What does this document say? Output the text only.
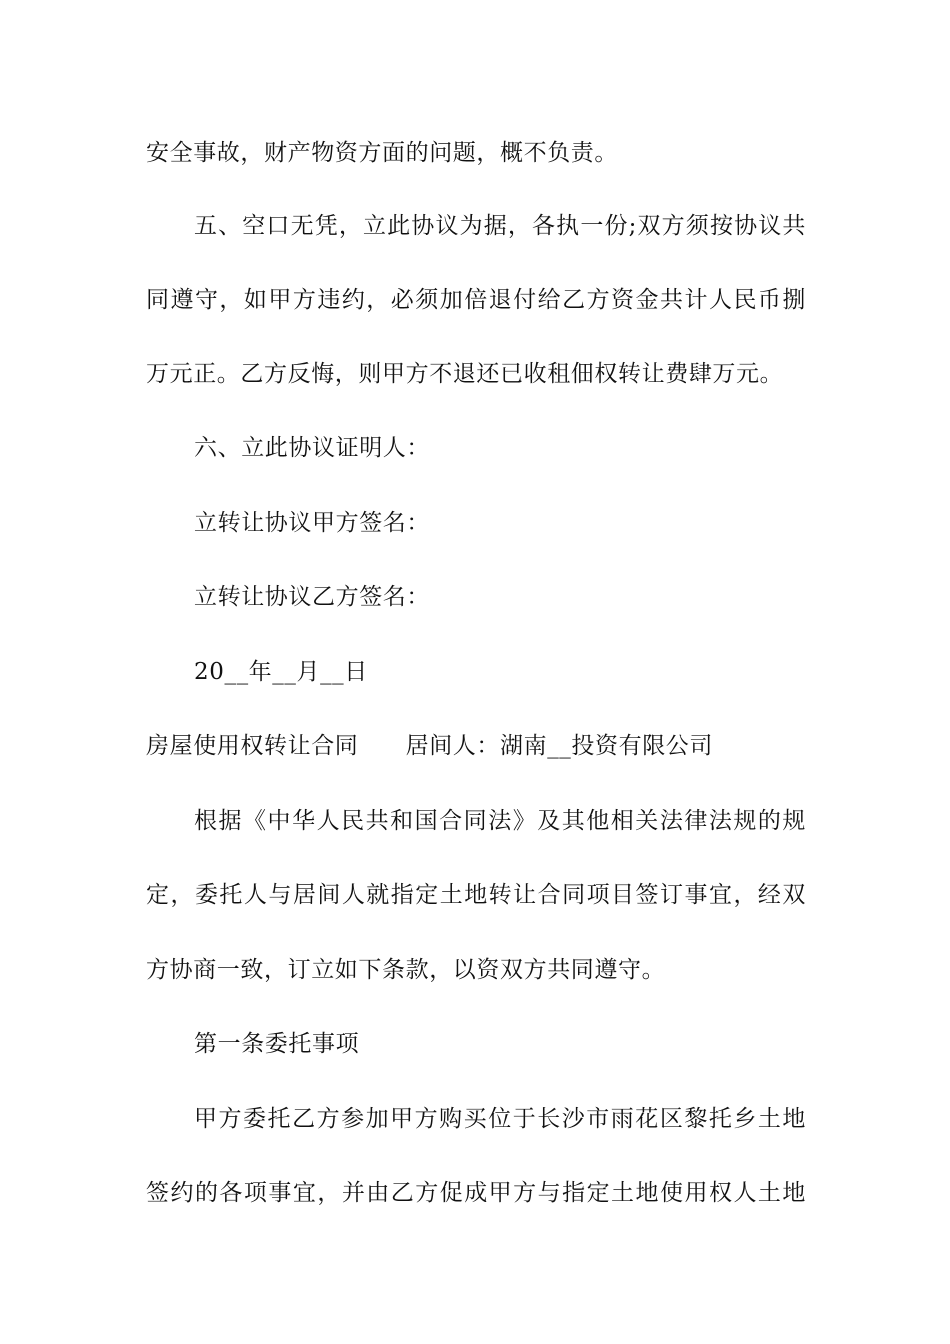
安全事故，财产物资方面的问题，概不负责。
五、空口无凭，立此协议为据，各执一份;双方须按协议共
同遵守，如甲方违约，必须加倍退付给乙方资金共计人民币捌
万元正。乙方反悔，则甲方不退还已收租佃权转让费肆万元。
六、立此协议证明人：
立转让协议甲方签名：
立转让协议乙方签名：
20__年__月__日
房屋使用权转让合同　　居间人：湖南__投资有限公司
根据《中华人民共和国合同法》及其他相关法律法规的规
定，委托人与居间人就指定土地转让合同项目签订事宜，经双
方协商一致，订立如下条款，以资双方共同遵守。
第一条委托事项
甲方委托乙方参加甲方购买位于长沙市雨花区黎托乡土地
签约的各项事宜，并由乙方促成甲方与指定土地使用权人土地
